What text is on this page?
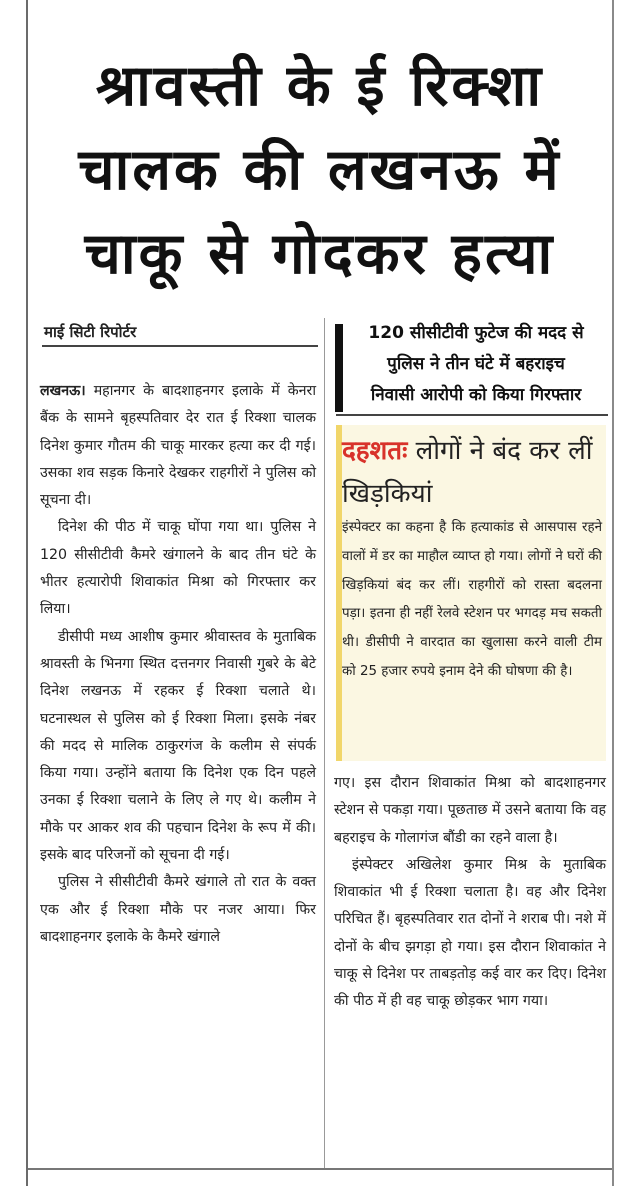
श्रावस्ती के ई रिक्शा
चालक की लखनऊ में
चाकू से गोदकर हत्या
माई सिटी रिपोर्टर

लखनऊ। महानगर के बादशाहनगर इलाके में केनरा बैंक के सामने बृहस्पतिवार देर रात ई रिक्शा चालक दिनेश कुमार गौतम की चाकू मारकर हत्या कर दी गई। उसका शव सड़क किनारे देखकर राहगीरों ने पुलिस को सूचना दी।

दिनेश की पीठ में चाकू घोंपा गया था। पुलिस ने 120 सीसीटीवी कैमरे खंगालने के बाद तीन घंटे के भीतर हत्यारोपी शिवाकांत मिश्रा को गिरफ्तार कर लिया।

डीसीपी मध्य आशीष कुमार श्रीवास्तव के मुताबिक श्रावस्ती के भिनगा स्थित दत्तनगर निवासी गुबरे के बेटे दिनेश लखनऊ में रहकर ई रिक्शा चलाते थे। घटनास्थल से पुलिस को ई रिक्शा मिला। इसके नंबर की मदद से मालिक ठाकुरगंज के कलीम से संपर्क किया गया। उन्होंने बताया कि दिनेश एक दिन पहले उनका ई रिक्शा चलाने के लिए ले गए थे। कलीम ने मौके पर आकर शव की पहचान दिनेश के रूप में की। इसके बाद परिजनों को सूचना दी गई।

पुलिस ने सीसीटीवी कैमरे खंगाले तो रात के वक्त एक और ई रिक्शा मौके पर नजर आया। फिर बादशाहनगर इलाके के कैमरे खंगाले

120 सीसीटीवी फुटेज की मदद से
पुलिस ने तीन घंटे में बहराइच
निवासी आरोपी को किया गिरफ्तार
दहशतः लोगों ने बंद कर लीं खिड़कियां
इंस्पेक्टर का कहना है कि हत्याकांड से आसपास रहने वालों में डर का माहौल व्याप्त हो गया। लोगों ने घरों की खिड़कियां बंद कर लीं। राहगीरों को रास्ता बदलना पड़ा। इतना ही नहीं रेलवे स्टेशन पर भगदड़ मच सकती थी। डीसीपी ने वारदात का खुलासा करने वाली टीम को 25 हजार रुपये इनाम देने की घोषणा की है।

गए। इस दौरान शिवाकांत मिश्रा को बादशाहनगर स्टेशन से पकड़ा गया। पूछताछ में उसने बताया कि वह बहराइच के गोलागंज बौंडी का रहने वाला है।

इंस्पेक्टर अखिलेश कुमार मिश्र के मुताबिक शिवाकांत भी ई रिक्शा चलाता है। वह और दिनेश परिचित हैं। बृहस्पतिवार रात दोनों ने शराब पी। नशे में दोनों के बीच झगड़ा हो गया। इस दौरान शिवाकांत ने चाकू से दिनेश पर ताबड़तोड़ कई वार कर दिए। दिनेश की पीठ में ही वह चाकू छोड़कर भाग गया।
